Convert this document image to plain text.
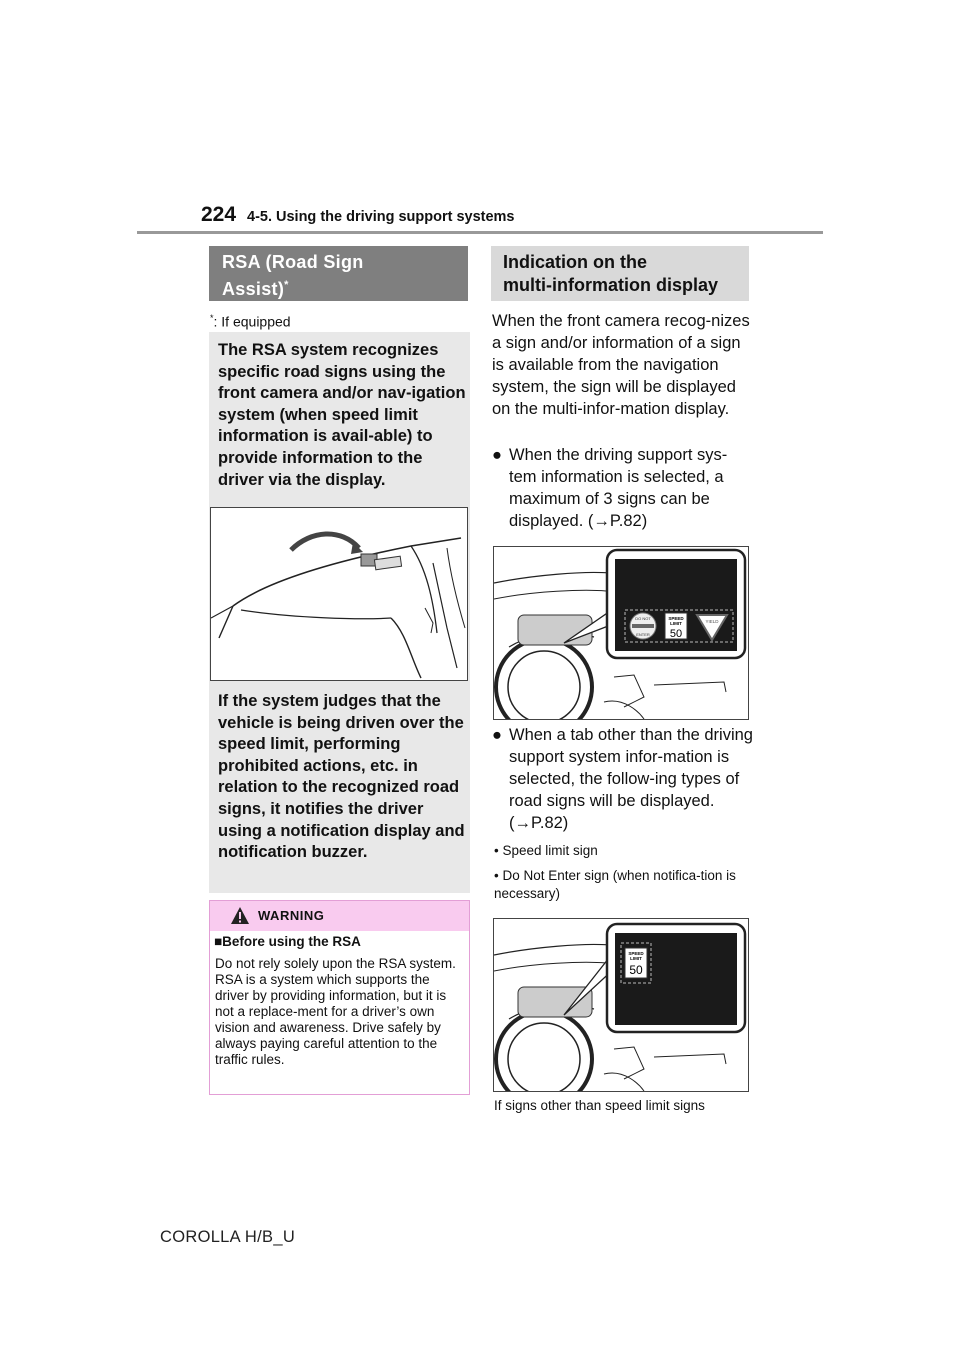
224 4-5. Using the driving support systems
RSA (Road Sign
Assist)*
*: If equipped
The RSA system recognizes specific road signs using the front camera and/or nav-igation system (when speed limit information is avail-able) to provide information to the driver via the display.
If the system judges that the vehicle is being driven over the speed limit, performing prohibited actions, etc. in relation to the recognized road signs, it notifies the driver using a notification display and notification buzzer.
WARNING
■Before using the RSA
Do not rely solely upon the RSA system. RSA is a system which supports the driver by providing information, but it is not a replace-ment for a driver’s own vision and awareness. Drive safely by always paying careful attention to the traffic rules.
Indication on the
multi-information display
When the front camera recog-nizes a sign and/or information of a sign is available from the navigation system, the sign will be displayed on the multi-infor-mation display.
● When the driving support sys-tem information is selected, a maximum of 3 signs can be displayed. (→P.82)
DO NOT
ENTER
SPEED
LIMIT
50
YIELD
● When a tab other than the driving support system infor-mation is selected, the follow-ing types of road signs will be displayed. (→P.82)
• Speed limit sign
• Do Not Enter sign (when notifica-tion is necessary)
SPEED
LIMIT
50
If signs other than speed limit signs
COROLLA H/B_U
